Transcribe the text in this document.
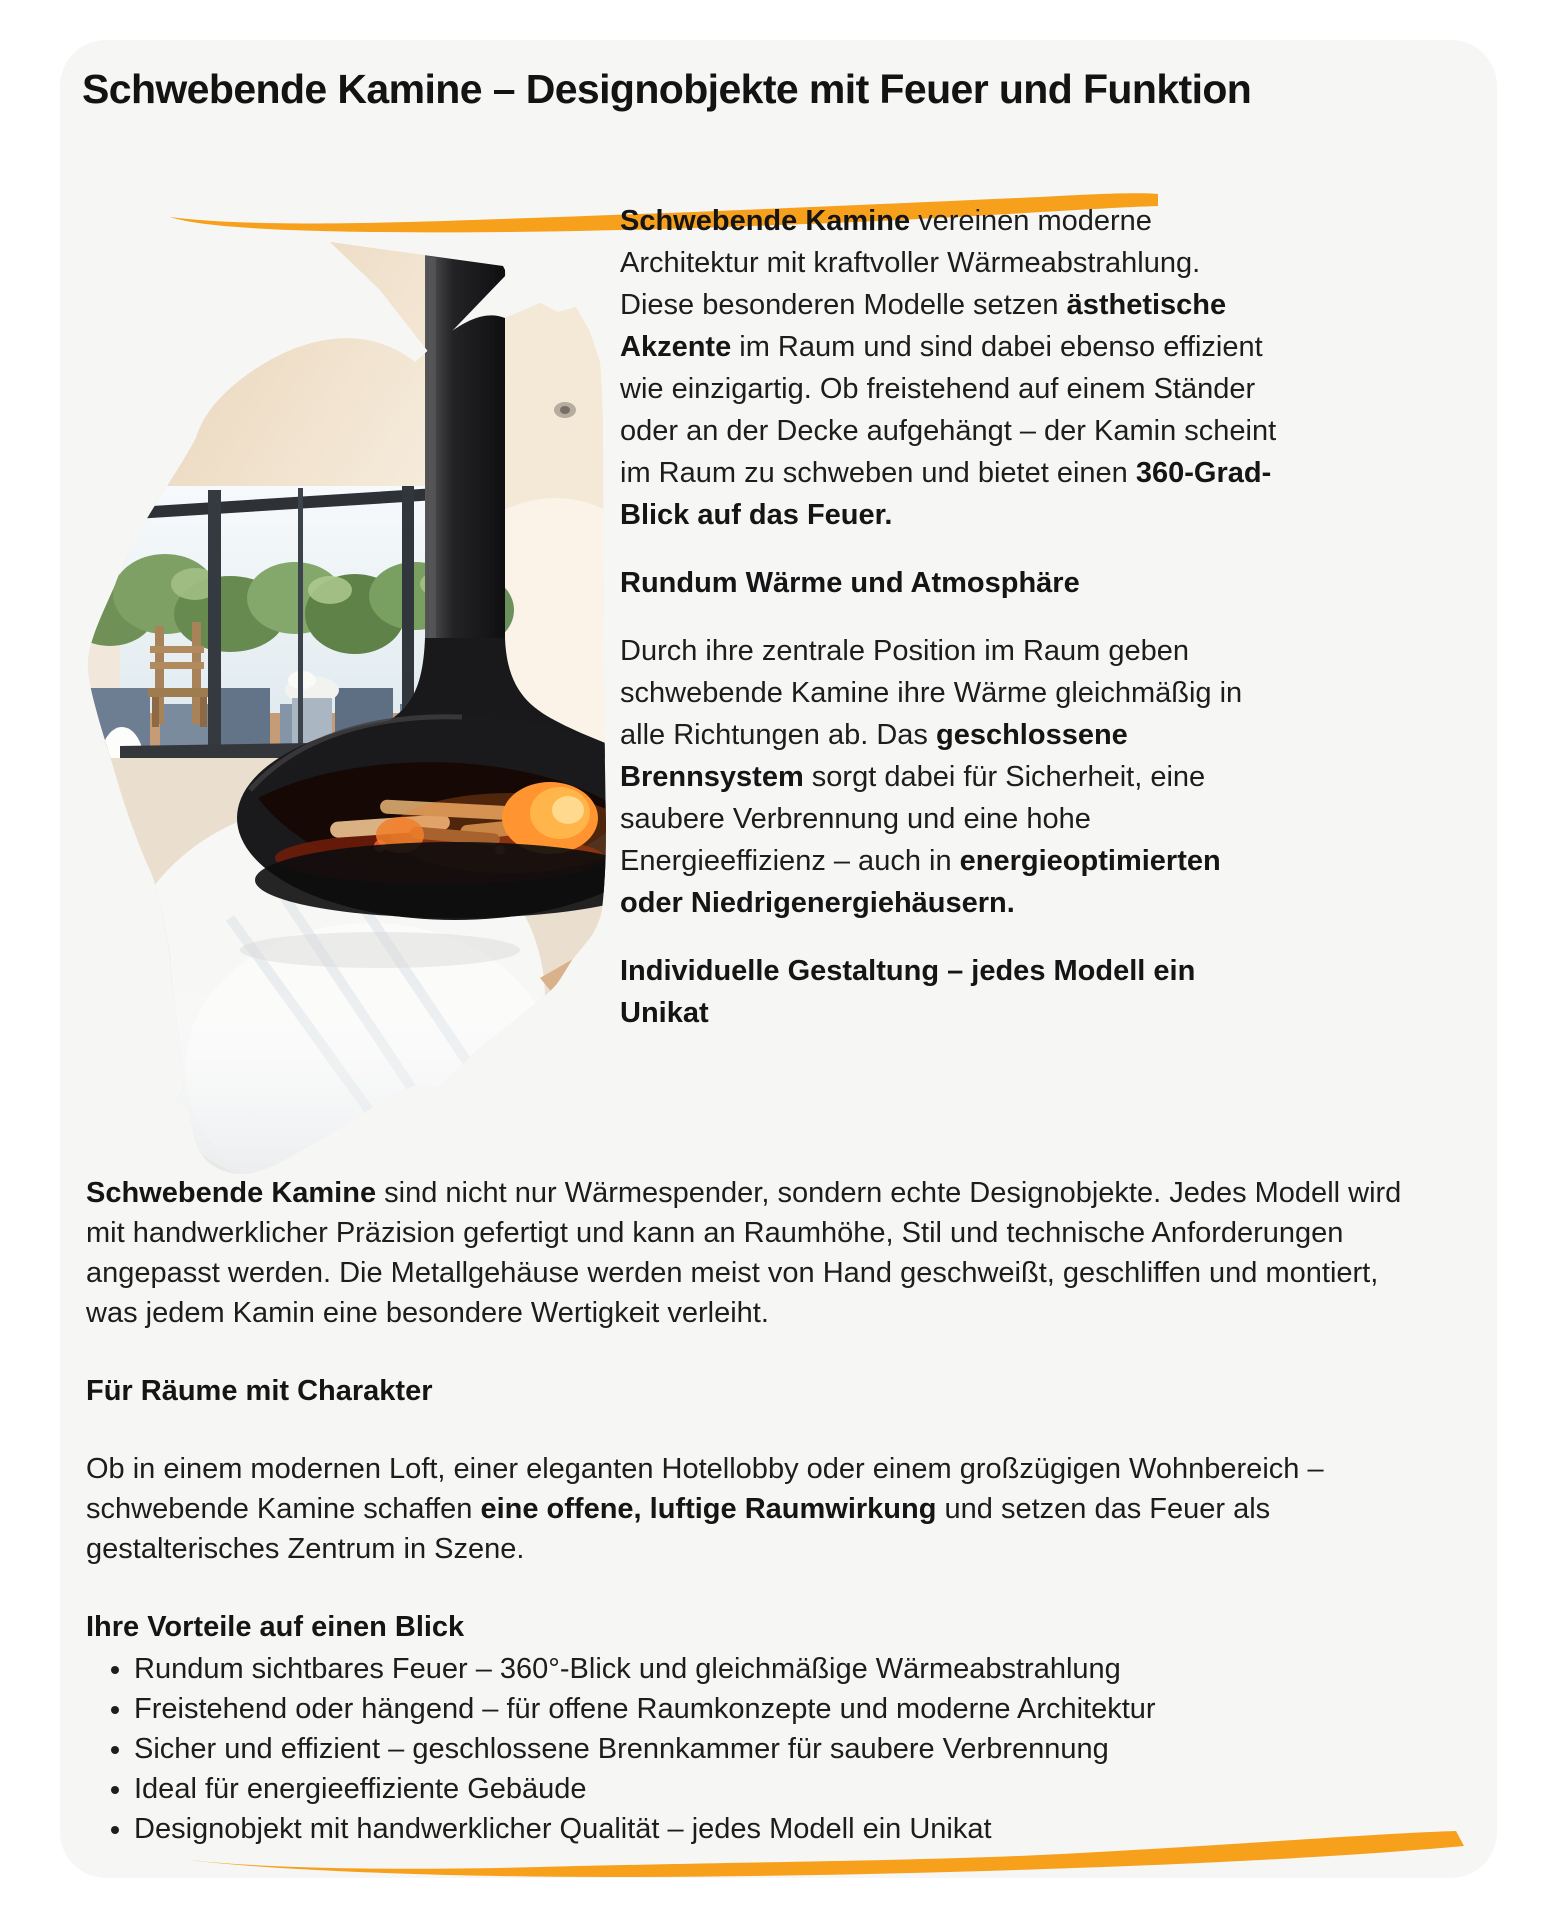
Schwebende Kamine – Designobjekte mit Feuer und Funktion

Schwebende Kamine vereinen moderne Architektur mit kraftvoller Wärmeabstrahlung. Diese besonderen Modelle setzen ästhetische Akzente im Raum und sind dabei ebenso effizient wie einzigartig. Ob freistehend auf einem Ständer oder an der Decke aufgehängt – der Kamin scheint im Raum zu schweben und bietet einen 360-Grad-Blick auf das Feuer.

Rundum Wärme und Atmosphäre

Durch ihre zentrale Position im Raum geben schwebende Kamine ihre Wärme gleichmäßig in alle Richtungen ab. Das geschlossene Brennsystem sorgt dabei für Sicherheit, eine saubere Verbrennung und eine hohe Energieeffizienz – auch in energieoptimierten oder Niedrigenergiehäusern.

Individuelle Gestaltung – jedes Modell ein Unikat

Schwebende Kamine sind nicht nur Wärmespender, sondern echte Designobjekte. Jedes Modell wird mit handwerklicher Präzision gefertigt und kann an Raumhöhe, Stil und technische Anforderungen angepasst werden. Die Metallgehäuse werden meist von Hand geschweißt, geschliffen und montiert, was jedem Kamin eine besondere Wertigkeit verleiht.

Für Räume mit Charakter

Ob in einem modernen Loft, einer eleganten Hotellobby oder einem großzügigen Wohnbereich – schwebende Kamine schaffen eine offene, luftige Raumwirkung und setzen das Feuer als gestalterisches Zentrum in Szene.

Ihre Vorteile auf einen Blick
• Rundum sichtbares Feuer – 360°-Blick und gleichmäßige Wärmeabstrahlung
• Freistehend oder hängend – für offene Raumkonzepte und moderne Architektur
• Sicher und effizient – geschlossene Brennkammer für saubere Verbrennung
• Ideal für energieeffiziente Gebäude
• Designobjekt mit handwerklicher Qualität – jedes Modell ein Unikat
